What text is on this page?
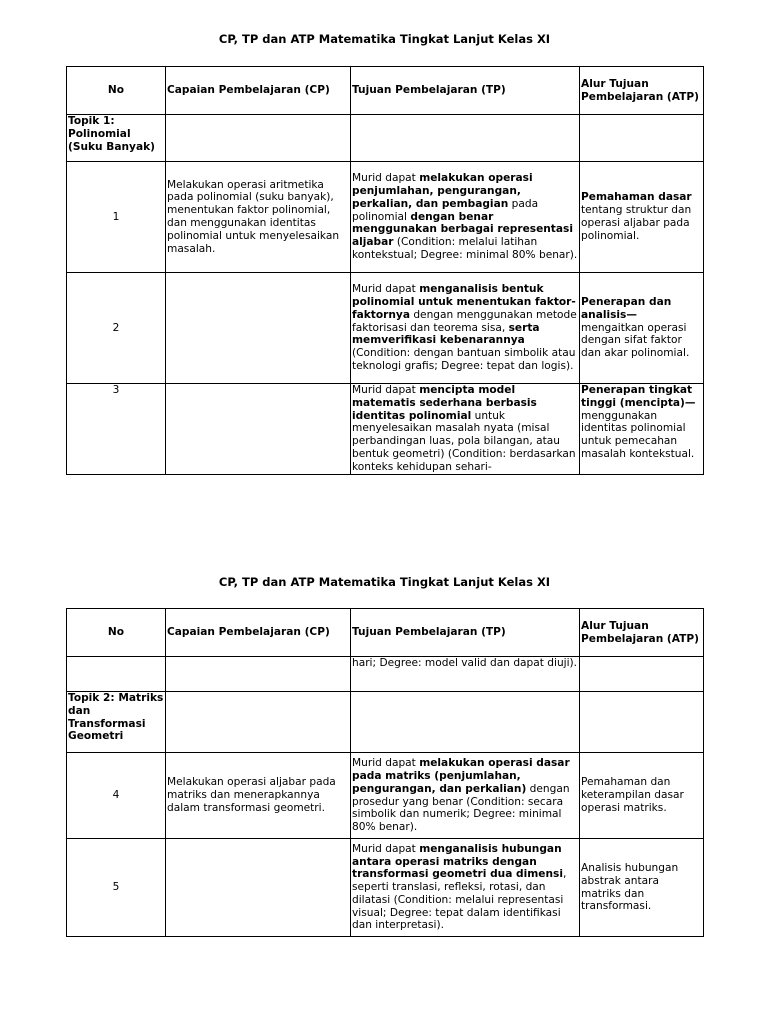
CP, TP dan ATP Matematika Tingkat Lanjut Kelas XI
No	Capaian Pembelajaran (CP)	Tujuan Pembelajaran (TP)	Alur Tujuan Pembelajaran (ATP)
Topik 1: Polinomial (Suku Banyak)			
1	Melakukan operasi aritmetika pada polinomial (suku banyak), menentukan faktor polinomial, dan menggunakan identitas polinomial untuk menyelesaikan masalah.	Murid dapat melakukan operasi penjumlahan, pengurangan, perkalian, dan pembagian pada polinomial dengan benar menggunakan berbagai representasi aljabar (Condition: melalui latihan kontekstual; Degree: minimal 80% benar).	Pemahaman dasar tentang struktur dan operasi aljabar pada polinomial.
2		Murid dapat menganalisis bentuk polinomial untuk menentukan faktor-faktornya dengan menggunakan metode faktorisasi dan teorema sisa, serta memverifikasi kebenarannya (Condition: dengan bantuan simbolik atau teknologi grafis; Degree: tepat dan logis).	Penerapan dan analisis— mengaitkan operasi dengan sifat faktor dan akar polinomial.
3		Murid dapat mencipta model matematis sederhana berbasis identitas polinomial untuk menyelesaikan masalah nyata (misal perbandingan luas, pola bilangan, atau bentuk geometri) (Condition: berdasarkan konteks kehidupan sehari-	Penerapan tingkat tinggi (mencipta)— menggunakan identitas polinomial untuk pemecahan masalah kontekstual.
CP, TP dan ATP Matematika Tingkat Lanjut Kelas XI
No	Capaian Pembelajaran (CP)	Tujuan Pembelajaran (TP)	Alur Tujuan Pembelajaran (ATP)
		hari; Degree: model valid dan dapat diuji).	
Topik 2: Matriks dan Transformasi Geometri			
4	Melakukan operasi aljabar pada matriks dan menerapkannya dalam transformasi geometri.	Murid dapat melakukan operasi dasar pada matriks (penjumlahan, pengurangan, dan perkalian) dengan prosedur yang benar (Condition: secara simbolik dan numerik; Degree: minimal 80% benar).	Pemahaman dan keterampilan dasar operasi matriks.
5		Murid dapat menganalisis hubungan antara operasi matriks dengan transformasi geometri dua dimensi, seperti translasi, refleksi, rotasi, dan dilatasi (Condition: melalui representasi visual; Degree: tepat dalam identifikasi dan interpretasi).	Analisis hubungan abstrak antara matriks dan transformasi.
